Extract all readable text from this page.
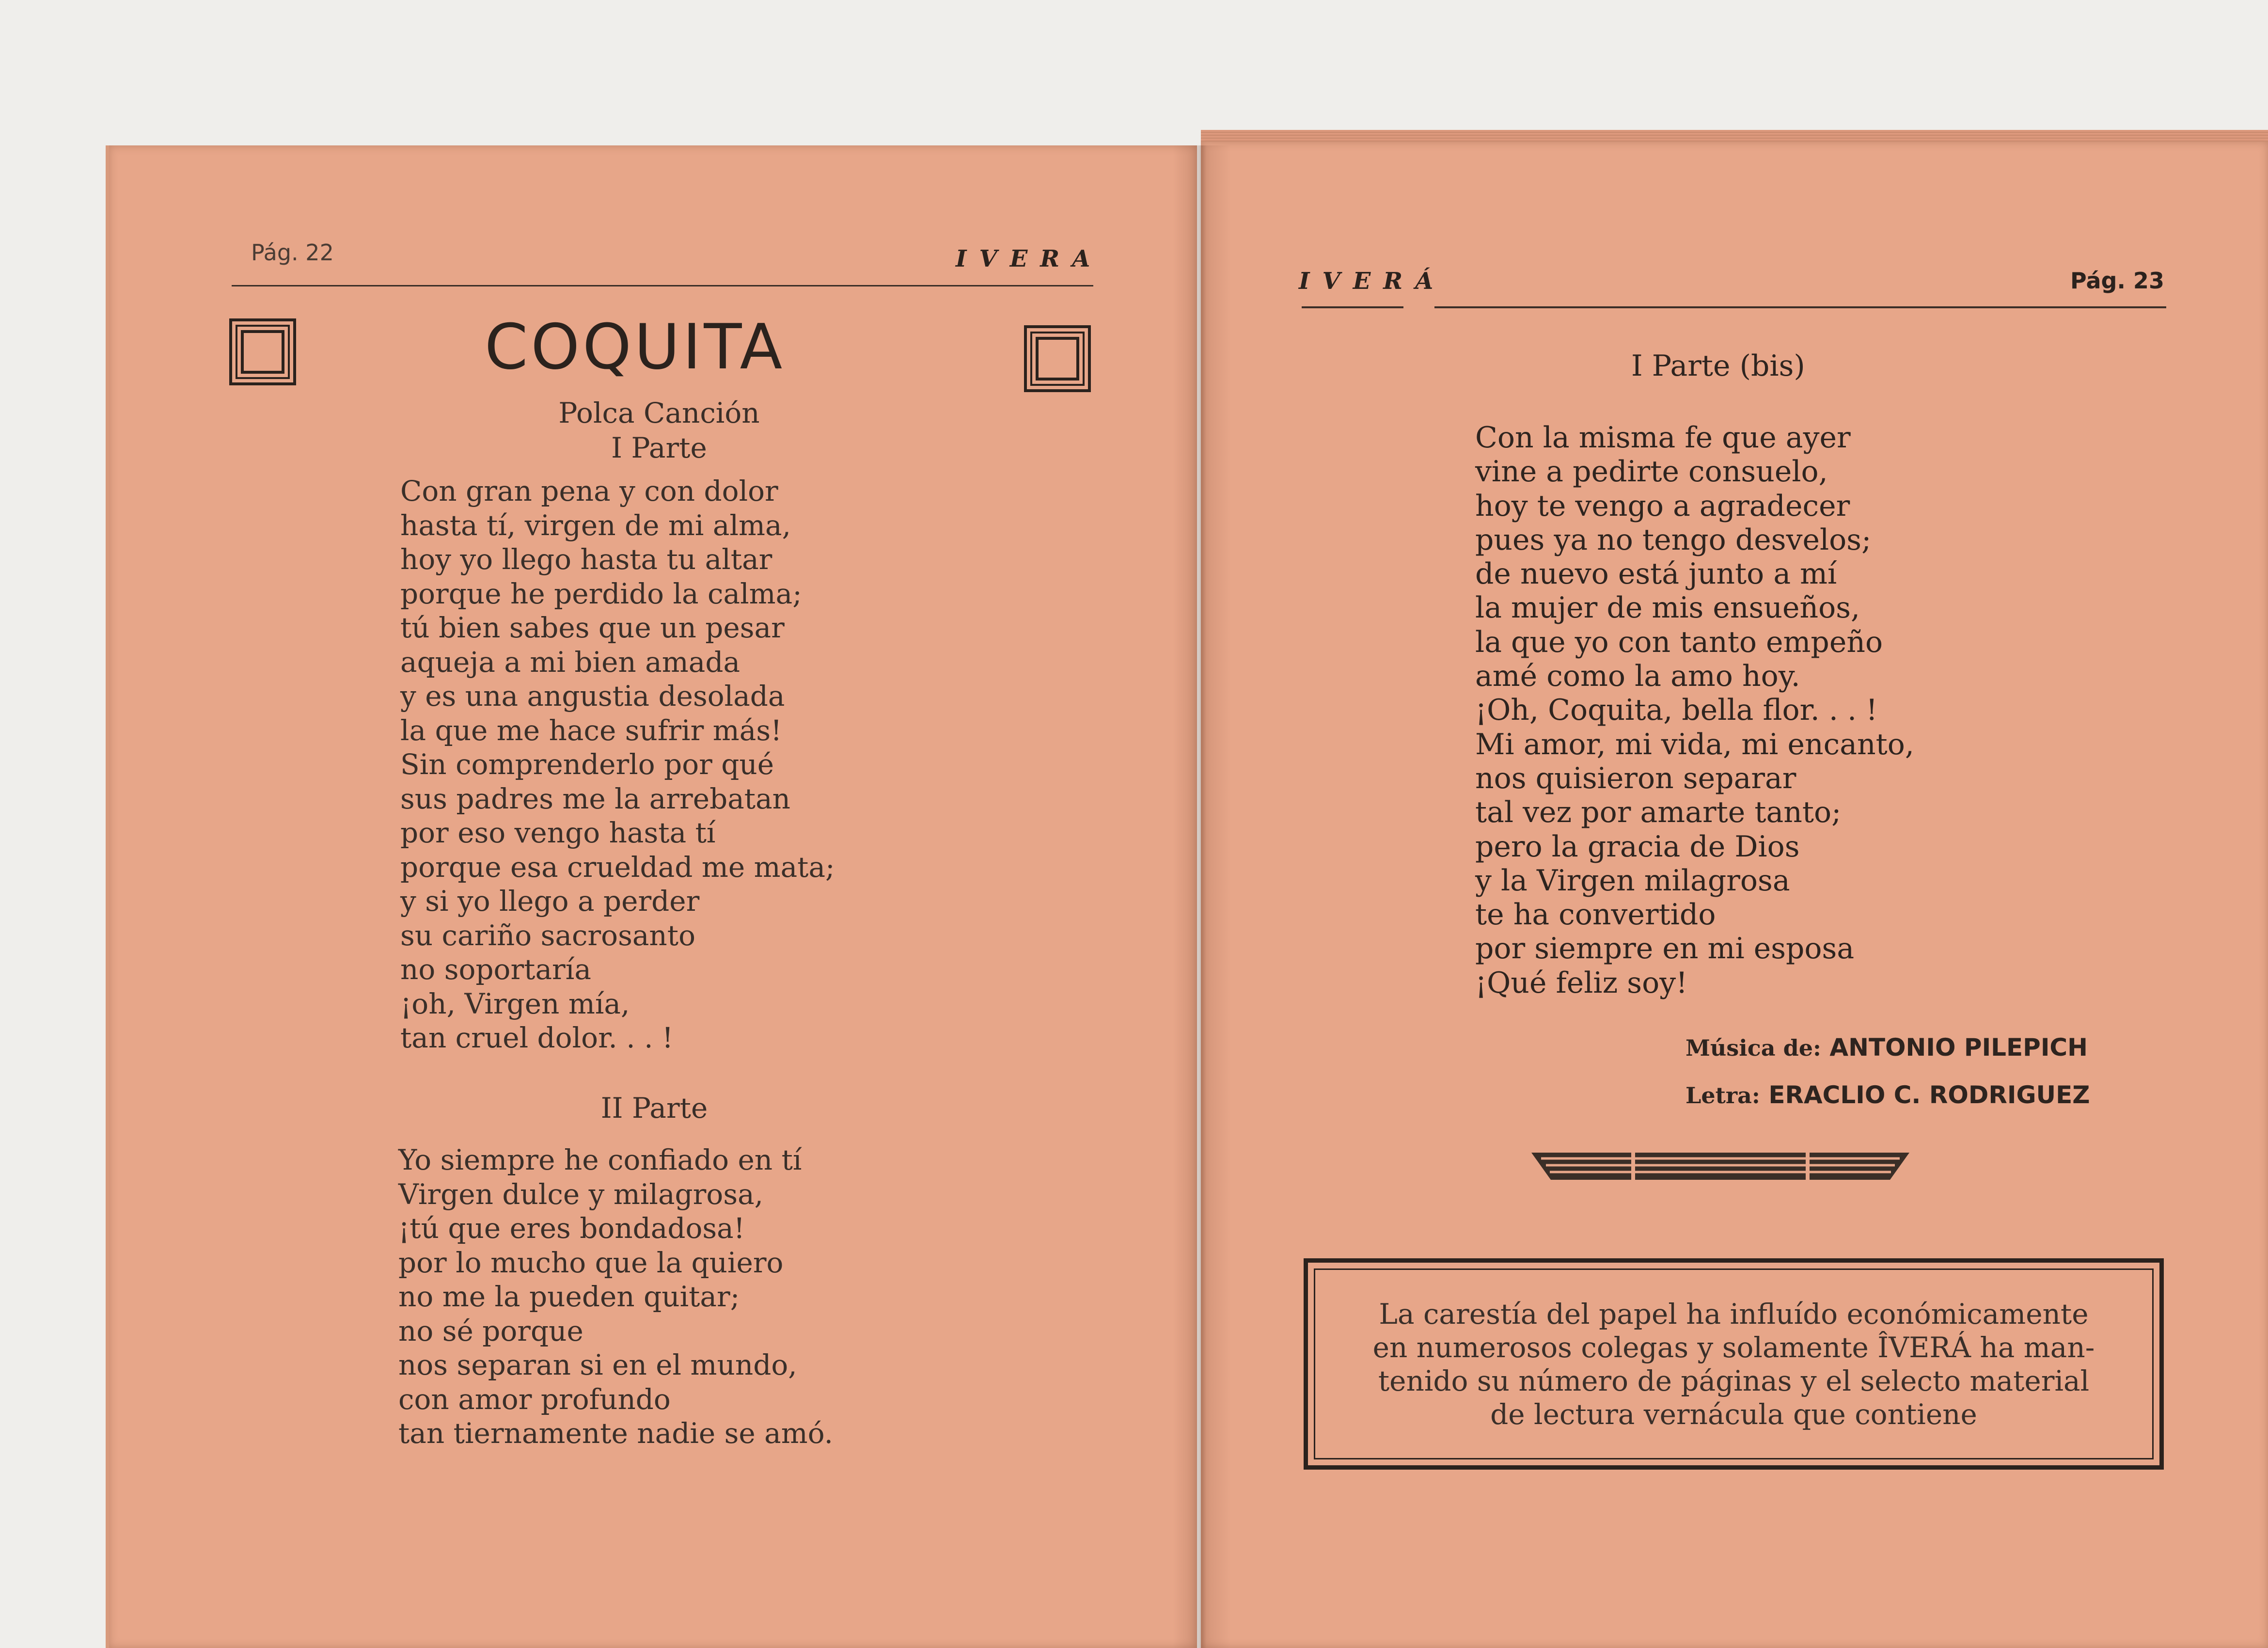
Pág. 22	IVERA
COQUITA
Polca Canción
I Parte
Con gran pena y con dolor
hasta tí, virgen de mi alma,
hoy yo llego hasta tu altar
porque he perdido la calma;
tú bien sabes que un pesar
aqueja a mi bien amada
y es una angustia desolada
la que me hace sufrir más!
Sin comprenderlo por qué
sus padres me la arrebatan
por eso vengo hasta tí
porque esa crueldad me mata;
y si yo llego a perder
su cariño sacrosanto
no soportaría
¡oh, Virgen mía,
tan cruel dolor. . . !
II Parte
Yo siempre he confiado en tí
Virgen dulce y milagrosa,
¡tú que eres bondadosa!
por lo mucho que la quiero
no me la pueden quitar;
no sé porque
nos separan si en el mundo,
con amor profundo
tan tiernamente nadie se amó.
IVERÁ	Pág. 23
I Parte (bis)
Con la misma fe que ayer
vine a pedirte consuelo,
hoy te vengo a agradecer
pues ya no tengo desvelos;
de nuevo está junto a mí
la mujer de mis ensueños,
la que yo con tanto empeño
amé como la amo hoy.
¡Oh, Coquita, bella flor. . . !
Mi amor, mi vida, mi encanto,
nos quisieron separar
tal vez por amarte tanto;
pero la gracia de Dios
y la Virgen milagrosa
te ha convertido
por siempre en mi esposa
¡Qué feliz soy!
Música de: ANTONIO PILEPICH
Letra: ERACLIO C. RODRIGUEZ
La carestía del papel ha influído económicamente
en numerosos colegas y solamente ÎVERÁ ha man-
tenido su número de páginas y el selecto material
de lectura vernácula que contiene
